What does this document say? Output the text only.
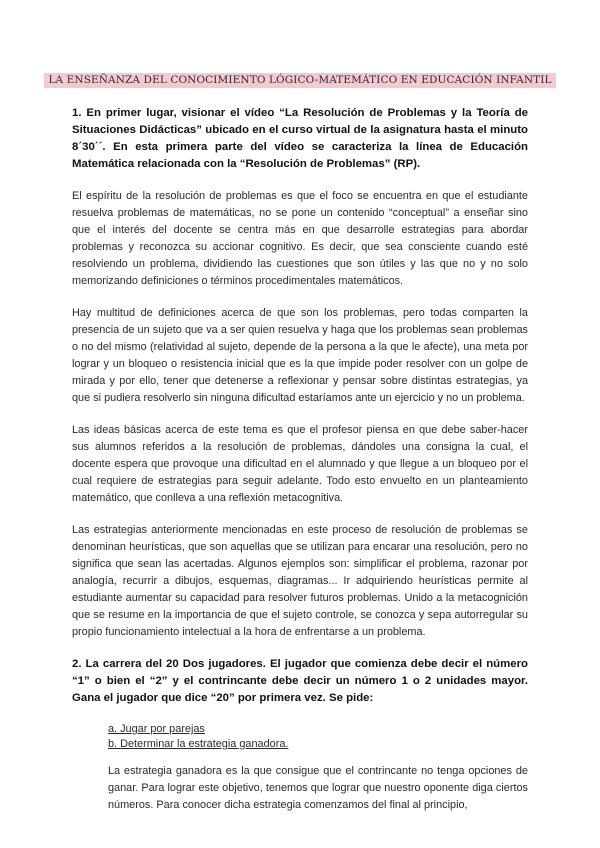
LA ENSEÑANZA DEL CONOCIMIENTO LÓGICO-MATEMÁTICO EN EDUCACIÓN INFANTIL
1. En primer lugar, visionar el vídeo “La Resolución de Problemas y la Teoría de Situaciones Didácticas” ubicado en el curso virtual de la asignatura hasta el minuto 8´30´´. En esta primera parte del vídeo se caracteriza la línea de Educación Matemática relacionada con la “Resolución de Problemas” (RP).
El espíritu de la resolución de problemas es que el foco se encuentra en que el estudiante resuelva problemas de matemáticas, no se pone un contenido “conceptual” a enseñar sino que el interés del docente se centra más en que desarrolle estrategias para abordar problemas y reconozca su accionar cognitivo. Es decir, que sea consciente cuando esté resolviendo un problema, dividiendo las cuestiones que son útiles y las que no y no solo memorizando definiciones o términos procedimentales matemáticos.
Hay multitud de definiciones acerca de que son los problemas, pero todas comparten la presencia de un sujeto que va a ser quien resuelva y haga que los problemas sean problemas o no del mismo (relatividad al sujeto, depende de la persona a la que le afecte), una meta por lograr y un bloqueo o resistencia inicial que es la que impide poder resolver con un golpe de mirada y por ello, tener que detenerse a reflexionar y pensar sobre distintas estrategias, ya que si pudiera resolverlo sin ninguna dificultad estaríamos ante un ejercicio y no un problema.
Las ideas básicas acerca de este tema es que el profesor piensa en que debe saber-hacer sus alumnos referidos a la resolución de problemas, dándoles una consigna la cual, el docente espera que provoque una dificultad en el alumnado y que llegue a un bloqueo por el cual requiere de estrategias para seguir adelante. Todo esto envuelto en un planteamiento matemático, que conlleva a una reflexión metacognitiva.
Las estrategias anteriormente mencionadas en este proceso de resolución de problemas se denominan heurísticas, que son aquellas que se utilizan para encarar una resolución, pero no significa que sean las acertadas. Algunos ejemplos son: simplificar el problema, razonar por analogía, recurrir a dibujos, esquemas, diagramas... Ir adquiriendo heurísticas permite al estudiante aumentar su capacidad para resolver futuros problemas. Unido a la metacognición que se resume en la importancia de que el sujeto controle, se conozca y sepa autorregular su propio funcionamiento intelectual a la hora de enfrentarse a un problema.
2. La carrera del 20 Dos jugadores. El jugador que comienza debe decir el número “1” o bien el “2” y el contrincante debe decir un número 1 o 2 unidades mayor. Gana el jugador que dice “20” por primera vez. Se pide:
a. Jugar por parejas
b. Determinar la estrategia ganadora.
La estrategia ganadora es la que consigue que el contrincante no tenga opciones de ganar. Para lograr este objetivo, tenemos que lograr que nuestro oponente diga ciertos números. Para conocer dicha estrategia comenzamos del final al principio,
